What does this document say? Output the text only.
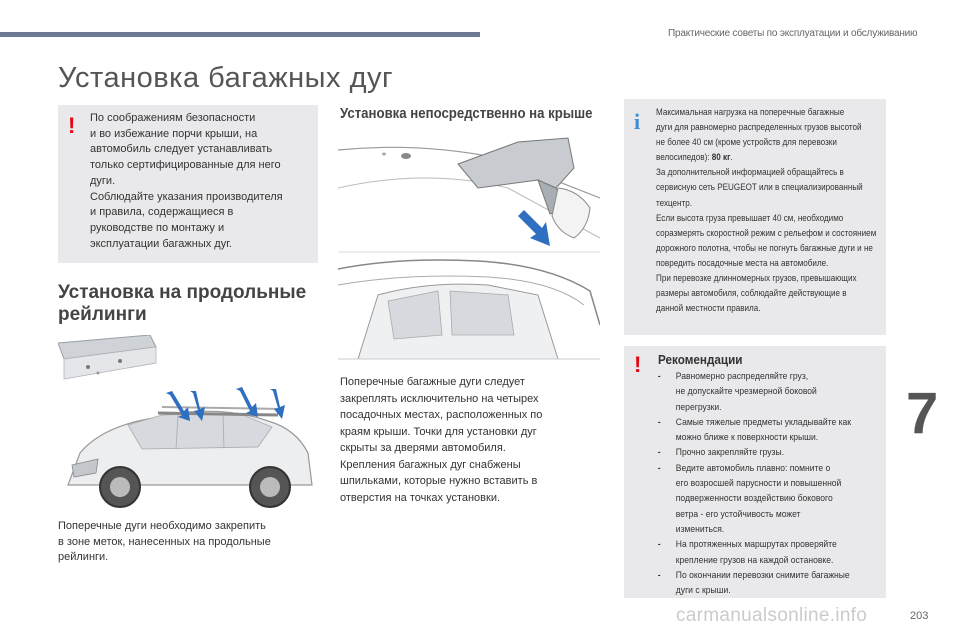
Практические советы по эксплуатации и обслуживанию
Установка багажных дуг
! По соображениям безопасности
и во избежание порчи крыши, на
автомобиль следует устанавливать
только сертифицированные для него
дуги.
Соблюдайте указания производителя
и правила, содержащиеся в
руководстве по монтажу и
эксплуатации багажных дуг.
Установка на продольные рейлинги
Поперечные дуги необходимо закрепить
в зоне меток, нанесенных на продольные
рейлинги.
Установка непосредственно на крыше
Поперечные багажные дуги следует
закреплять исключительно на четырех
посадочных местах, расположенных по
краям крыши. Точки для установки дуг
скрыты за дверями автомобиля.
Крепления багажных дуг снабжены
шпильками, которые нужно вставить в
отверстия на точках установки.
i Максимальная нагрузка на поперечные багажные
дуги для равномерно распределенных грузов высотой
не более 40 см (кроме устройств для перевозки
велосипедов): 80 кг.
За дополнительной информацией обращайтесь в
сервисную сеть PEUGEOT или в специализированный
техцентр.
Если высота груза превышает 40 см, необходимо
соразмерять скоростной режим с рельефом и состоянием
дорожного полотна, чтобы не погнуть багажные дуги и не
повредить посадочные места на автомобиле.
При перевозке длинномерных грузов, превышающих
размеры автомобиля, соблюдайте действующие в
данной местности правила.
! Рекомендации
- Равномерно распределяйте груз,
не допускайте чрезмерной боковой
перегрузки.
- Самые тяжелые предметы укладывайте как
можно ближе к поверхности крыши.
- Прочно закрепляйте грузы.
- Ведите автомобиль плавно: помните о
его возросшей парусности и повышенной
подверженности воздействию бокового
ветра - его устойчивость может
измениться.
- На протяженных маршрутах проверяйте
крепление грузов на каждой остановке.
- По окончании перевозки снимите багажные
дуги с крыши.
7
203
carmanualsonline.info
